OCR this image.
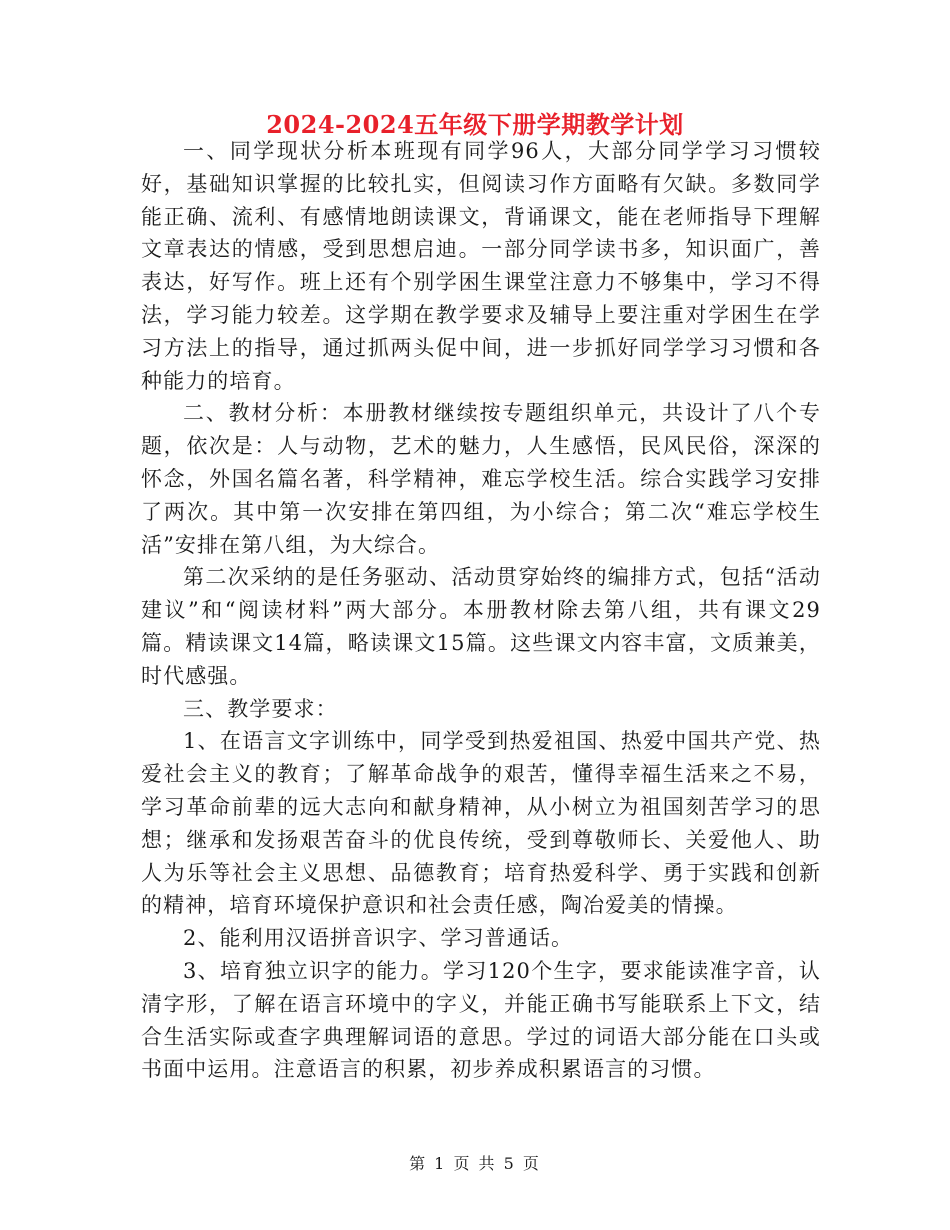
2024-2024五年级下册学期教学计划

一、同学现状分析本班现有同学96人，大部分同学学习习惯较好，基础知识掌握的比较扎实，但阅读习作方面略有欠缺。多数同学能正确、流利、有感情地朗读课文，背诵课文，能在老师指导下理解文章表达的情感，受到思想启迪。一部分同学读书多，知识面广，善表达，好写作。班上还有个别学困生课堂注意力不够集中，学习不得法，学习能力较差。这学期在教学要求及辅导上要注重对学困生在学习方法上的指导，通过抓两头促中间，进一步抓好同学学习习惯和各种能力的培育。

二、教材分析：本册教材继续按专题组织单元，共设计了八个专题，依次是：人与动物，艺术的魅力，人生感悟，民风民俗，深深的怀念，外国名篇名著，科学精神，难忘学校生活。综合实践学习安排了两次。其中第一次安排在第四组，为小综合；第二次“难忘学校生活”安排在第八组，为大综合。

第二次采纳的是任务驱动、活动贯穿始终的编排方式，包括“活动建议”和“阅读材料”两大部分。本册教材除去第八组，共有课文29篇。精读课文14篇，略读课文15篇。这些课文内容丰富，文质兼美，时代感强。

三、教学要求：

1、在语言文字训练中，同学受到热爱祖国、热爱中国共产党、热爱社会主义的教育；了解革命战争的艰苦，懂得幸福生活来之不易，学习革命前辈的远大志向和献身精神，从小树立为祖国刻苦学习的思想；继承和发扬艰苦奋斗的优良传统，受到尊敬师长、关爱他人、助人为乐等社会主义思想、品德教育；培育热爱科学、勇于实践和创新的精神，培育环境保护意识和社会责任感，陶冶爱美的情操。

2、能利用汉语拼音识字、学习普通话。

3、培育独立识字的能力。学习120个生字，要求能读准字音，认清字形，了解在语言环境中的字义，并能正确书写能联系上下文，结合生活实际或查字典理解词语的意思。学过的词语大部分能在口头或书面中运用。注意语言的积累，初步养成积累语言的习惯。

第 1 页 共 5 页
